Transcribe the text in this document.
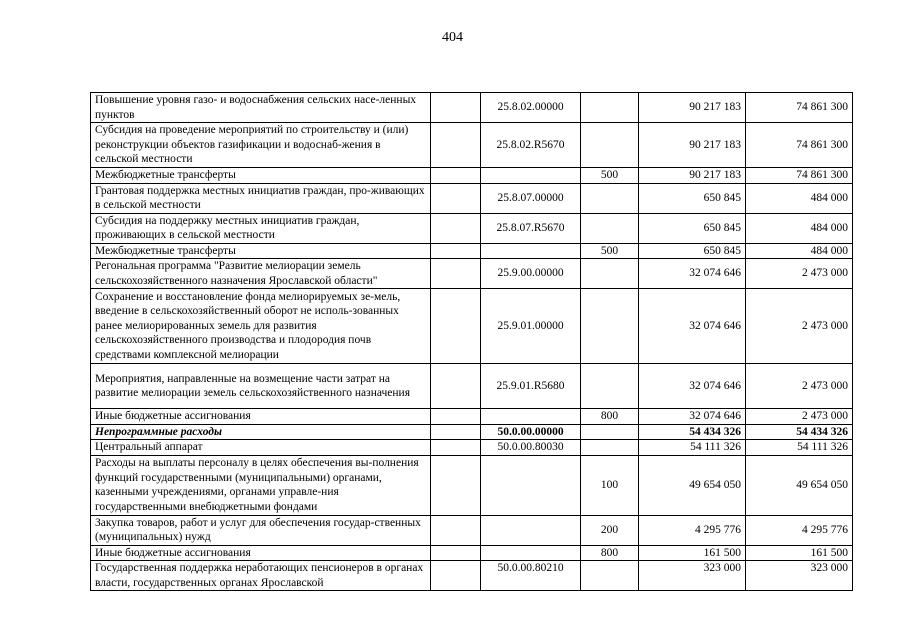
404
Повышение уровня газо- и водоснабжения сельских насе-ленных пунктов		25.8.02.00000		90 217 183	74 861 300
Субсидия на проведение мероприятий по строительству и (или) реконструкции объектов газификации и водоснаб-жения в сельской местности		25.8.02.R5670		90 217 183	74 861 300
Межбюджетные трансферты			500	90 217 183	74 861 300
Грантовая поддержка местных инициатив граждан, про-живающих в сельской местности		25.8.07.00000		650 845	484 000
Субсидия на поддержку местных инициатив граждан, проживающих в сельской местности		25.8.07.R5670		650 845	484 000
Межбюджетные трансферты			500	650 845	484 000
Регональная программа "Развитие мелиорации земель сельскохозяйственного назначения Ярославской области"		25.9.00.00000		32 074 646	2 473 000
Сохранение и восстановление фонда мелиорируемых зе-мель, введение в сельскохозяйственный оборот не исполь-зованных ранее мелиорированных земель для развития сельскохозяйственного производства и плодородия почв средствами комплексной мелиорации		25.9.01.00000		32 074 646	2 473 000
Мероприятия, направленные на возмещение части затрат на развитие мелиорации земель сельскохозяйственного назначения		25.9.01.R5680		32 074 646	2 473 000
Иные бюджетные ассигнования			800	32 074 646	2 473 000
Непрограммные расходы		50.0.00.00000		54 434 326	54 434 326
Центральный аппарат		50.0.00.80030		54 111 326	54 111 326
Расходы на выплаты персоналу в целях обеспечения вы-полнения функций государственными (муниципальными) органами, казенными учреждениями, органами управле-ния государственными внебюджетными фондами			100	49 654 050	49 654 050
Закупка товаров, работ и услуг для обеспечения государ-ственных (муниципальных) нужд			200	4 295 776	4 295 776
Иные бюджетные ассигнования			800	161 500	161 500

Государственная поддержка неработающих пенсионеров в органах власти, государственных органах Ярославской		50.0.00.80210		323 000	323 000
